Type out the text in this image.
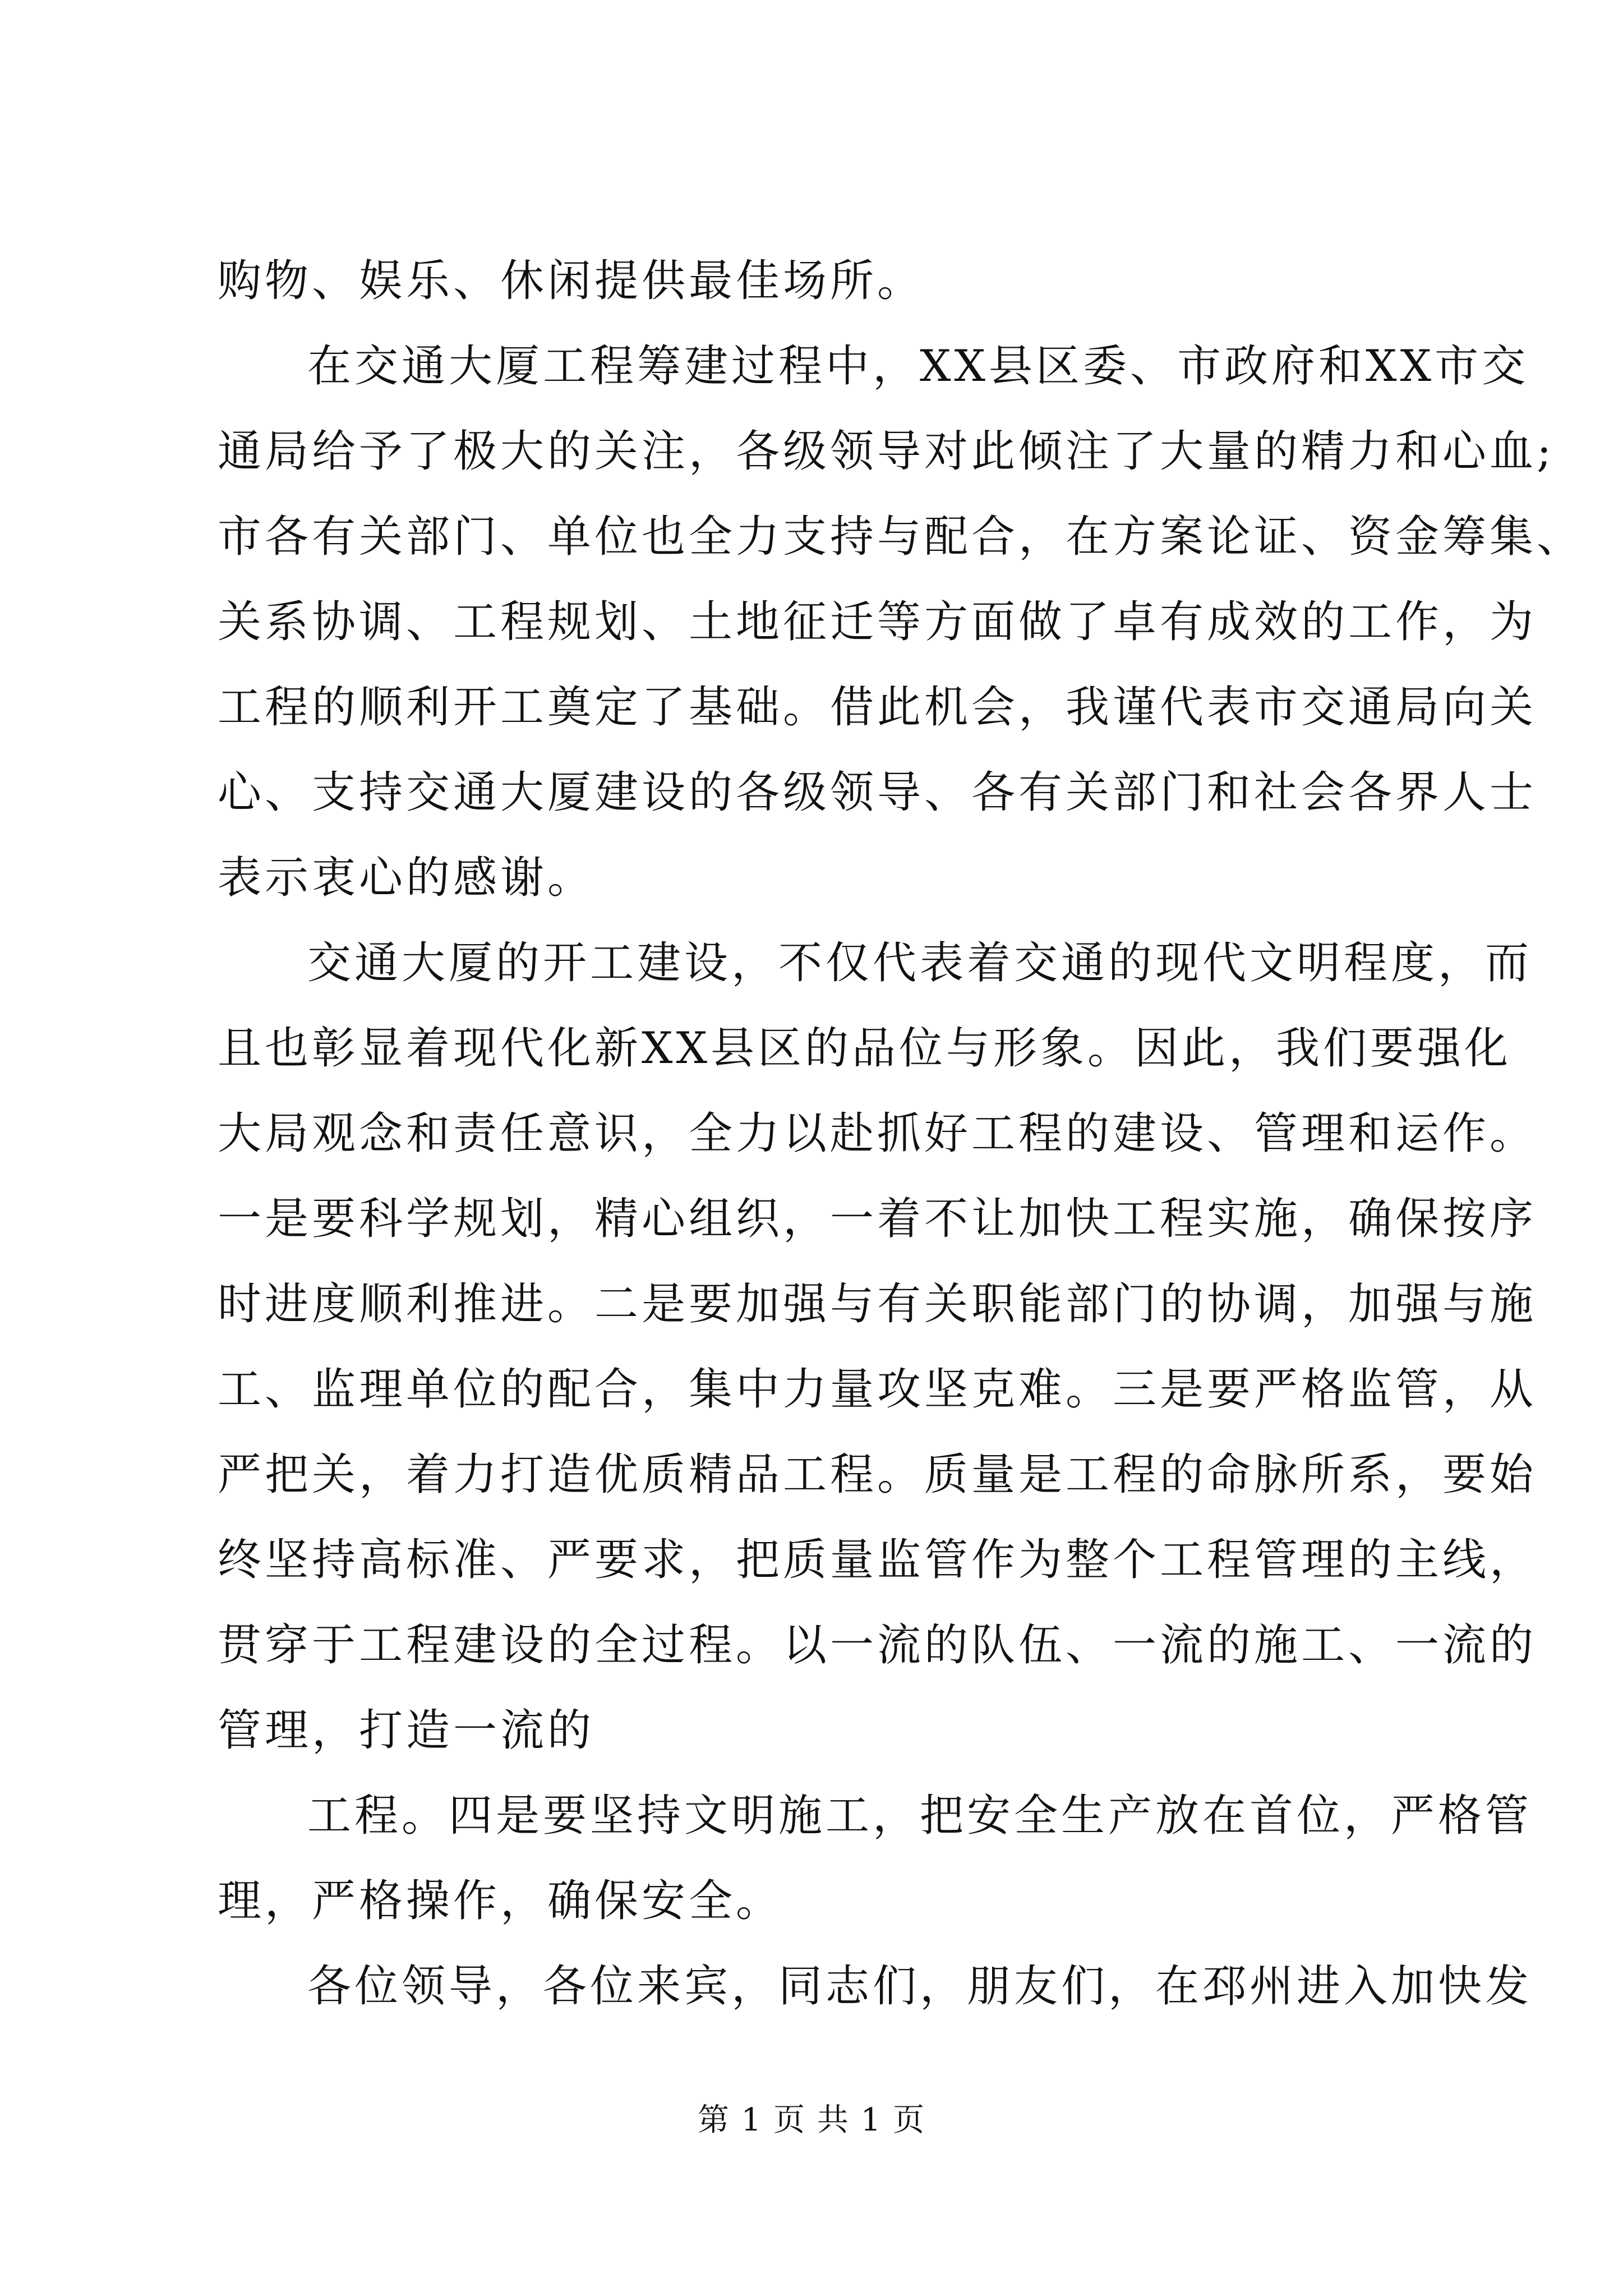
购物、娱乐、休闲提供最佳场所。
在交通大厦工程筹建过程中，XX县区委、市政府和XX市交
通局给予了极大的关注，各级领导对此倾注了大量的精力和心血;
市各有关部门、单位也全力支持与配合，在方案论证、资金筹集、
关系协调、工程规划、土地征迁等方面做了卓有成效的工作，为
工程的顺利开工奠定了基础。借此机会，我谨代表市交通局向关
心、支持交通大厦建设的各级领导、各有关部门和社会各界人士
表示衷心的感谢。
交通大厦的开工建设，不仅代表着交通的现代文明程度，而
且也彰显着现代化新XX县区的品位与形象。因此，我们要强化
大局观念和责任意识，全力以赴抓好工程的建设、管理和运作。
一是要科学规划，精心组织，一着不让加快工程实施，确保按序
时进度顺利推进。二是要加强与有关职能部门的协调，加强与施
工、监理单位的配合，集中力量攻坚克难。三是要严格监管，从
严把关，着力打造优质精品工程。质量是工程的命脉所系，要始
终坚持高标准、严要求，把质量监管作为整个工程管理的主线，
贯穿于工程建设的全过程。以一流的队伍、一流的施工、一流的
管理，打造一流的
工程。四是要坚持文明施工，把安全生产放在首位，严格管
理，严格操作，确保安全。
各位领导，各位来宾，同志们，朋友们，在邳州进入加快发
第 1 页 共 1 页
